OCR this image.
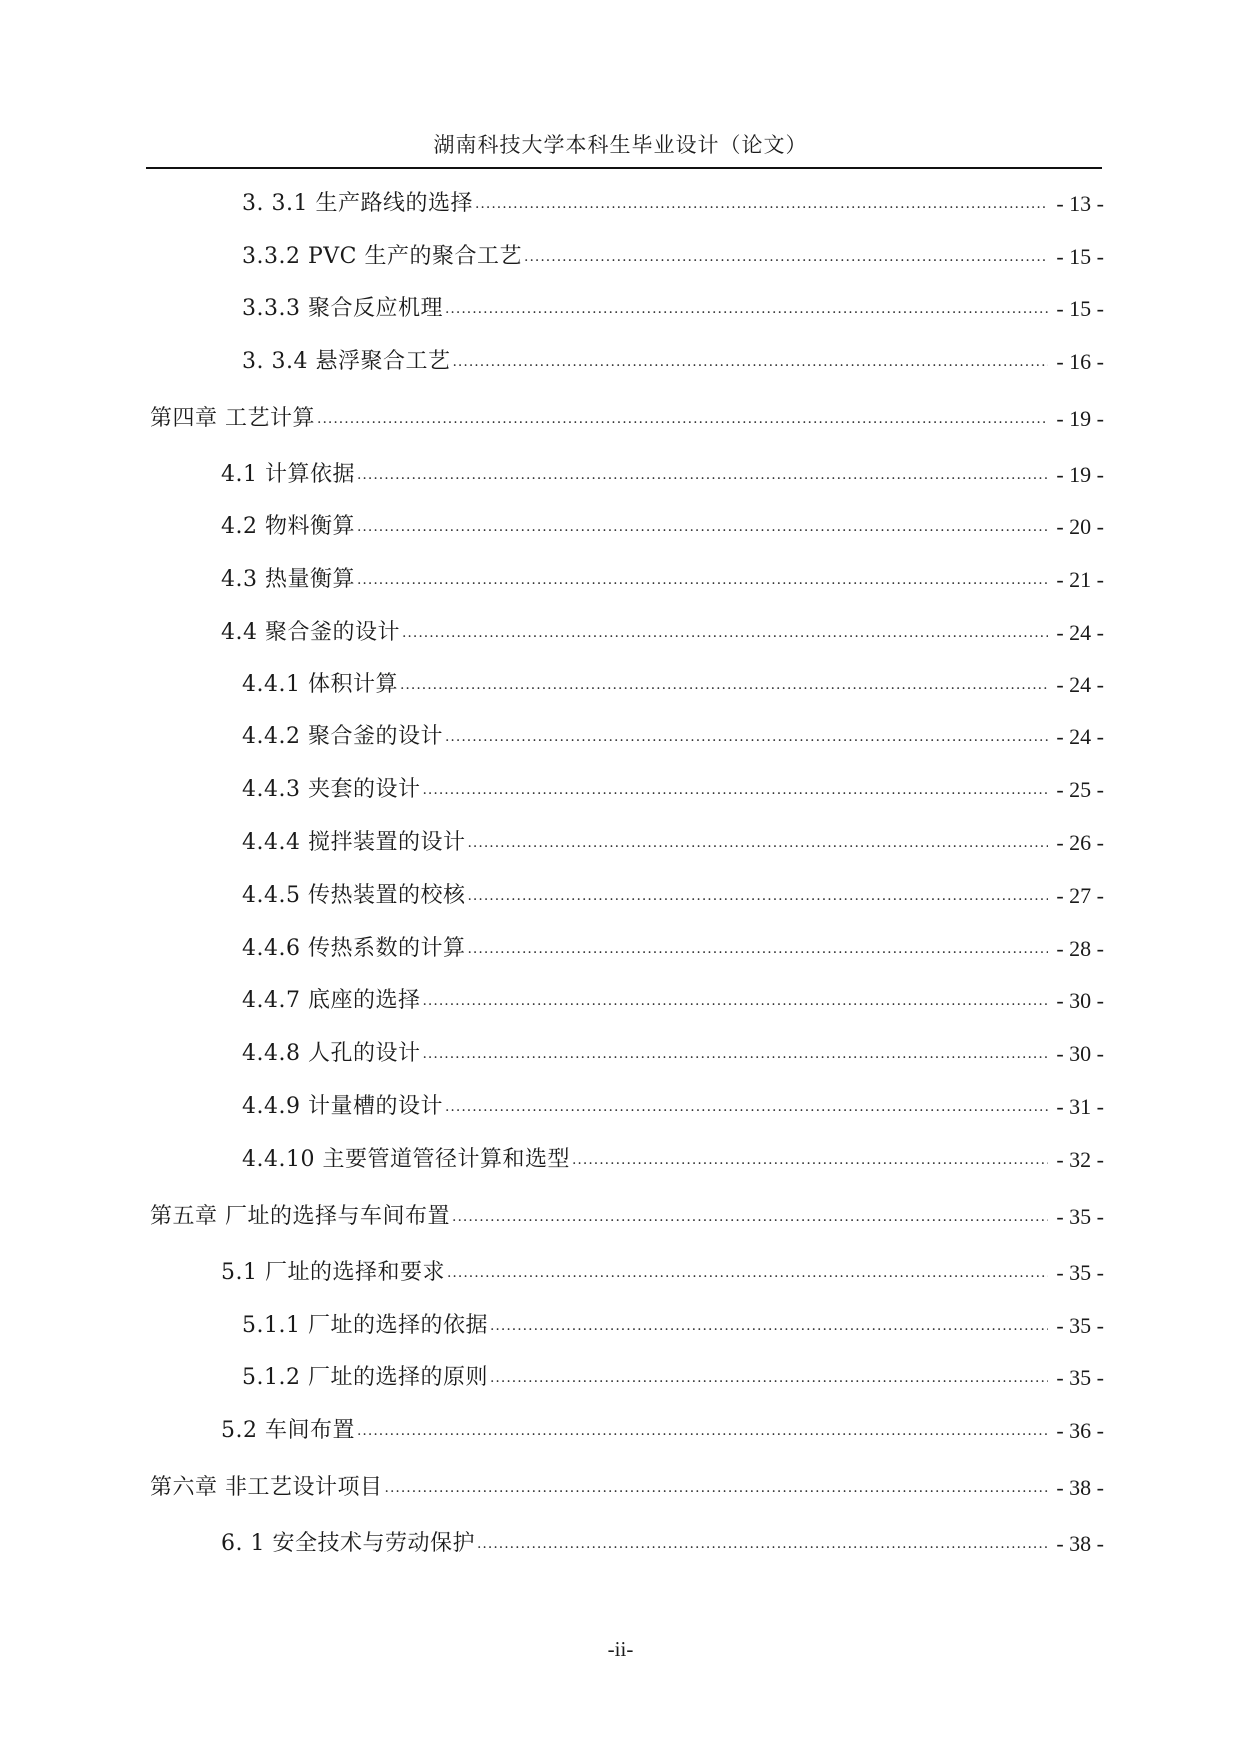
湖南科技大学本科生毕业设计（论文）
3. 3.1 生产路线的选择 ·····	- 13 -
3.3.2 PVC 生产的聚合工艺 ·····	- 15 -
3.3.3 聚合反应机理 ·····	- 15 -
3. 3.4 悬浮聚合工艺 ·····	- 16 -
第四章 工艺计算 ·····	- 19 -
4.1 计算依据 ·····	- 19 -
4.2 物料衡算 ·····	- 20 -
4.3 热量衡算 ·····	- 21 -
4.4 聚合釜的设计 ·····	- 24 -
4.4.1 体积计算 ·····	- 24 -
4.4.2 聚合釜的设计 ·····	- 24 -
4.4.3 夹套的设计 ·····	- 25 -
4.4.4 搅拌装置的设计 ·····	- 26 -
4.4.5 传热装置的校核 ·····	- 27 -
4.4.6 传热系数的计算 ·····	- 28 -
4.4.7 底座的选择 ·····	- 30 -
4.4.8 人孔的设计 ·····	- 30 -
4.4.9 计量槽的设计 ·····	- 31 -
4.4.10 主要管道管径计算和选型 ·····	- 32 -
第五章 厂址的选择与车间布置 ·····	- 35 -
5.1 厂址的选择和要求 ·····	- 35 -
5.1.1 厂址的选择的依据 ·····	- 35 -
5.1.2 厂址的选择的原则 ·····	- 35 -
5.2 车间布置 ·····	- 36 -
第六章 非工艺设计项目 ·····	- 38 -
6. 1 安全技术与劳动保护 ·····	- 38 -
-ii-
